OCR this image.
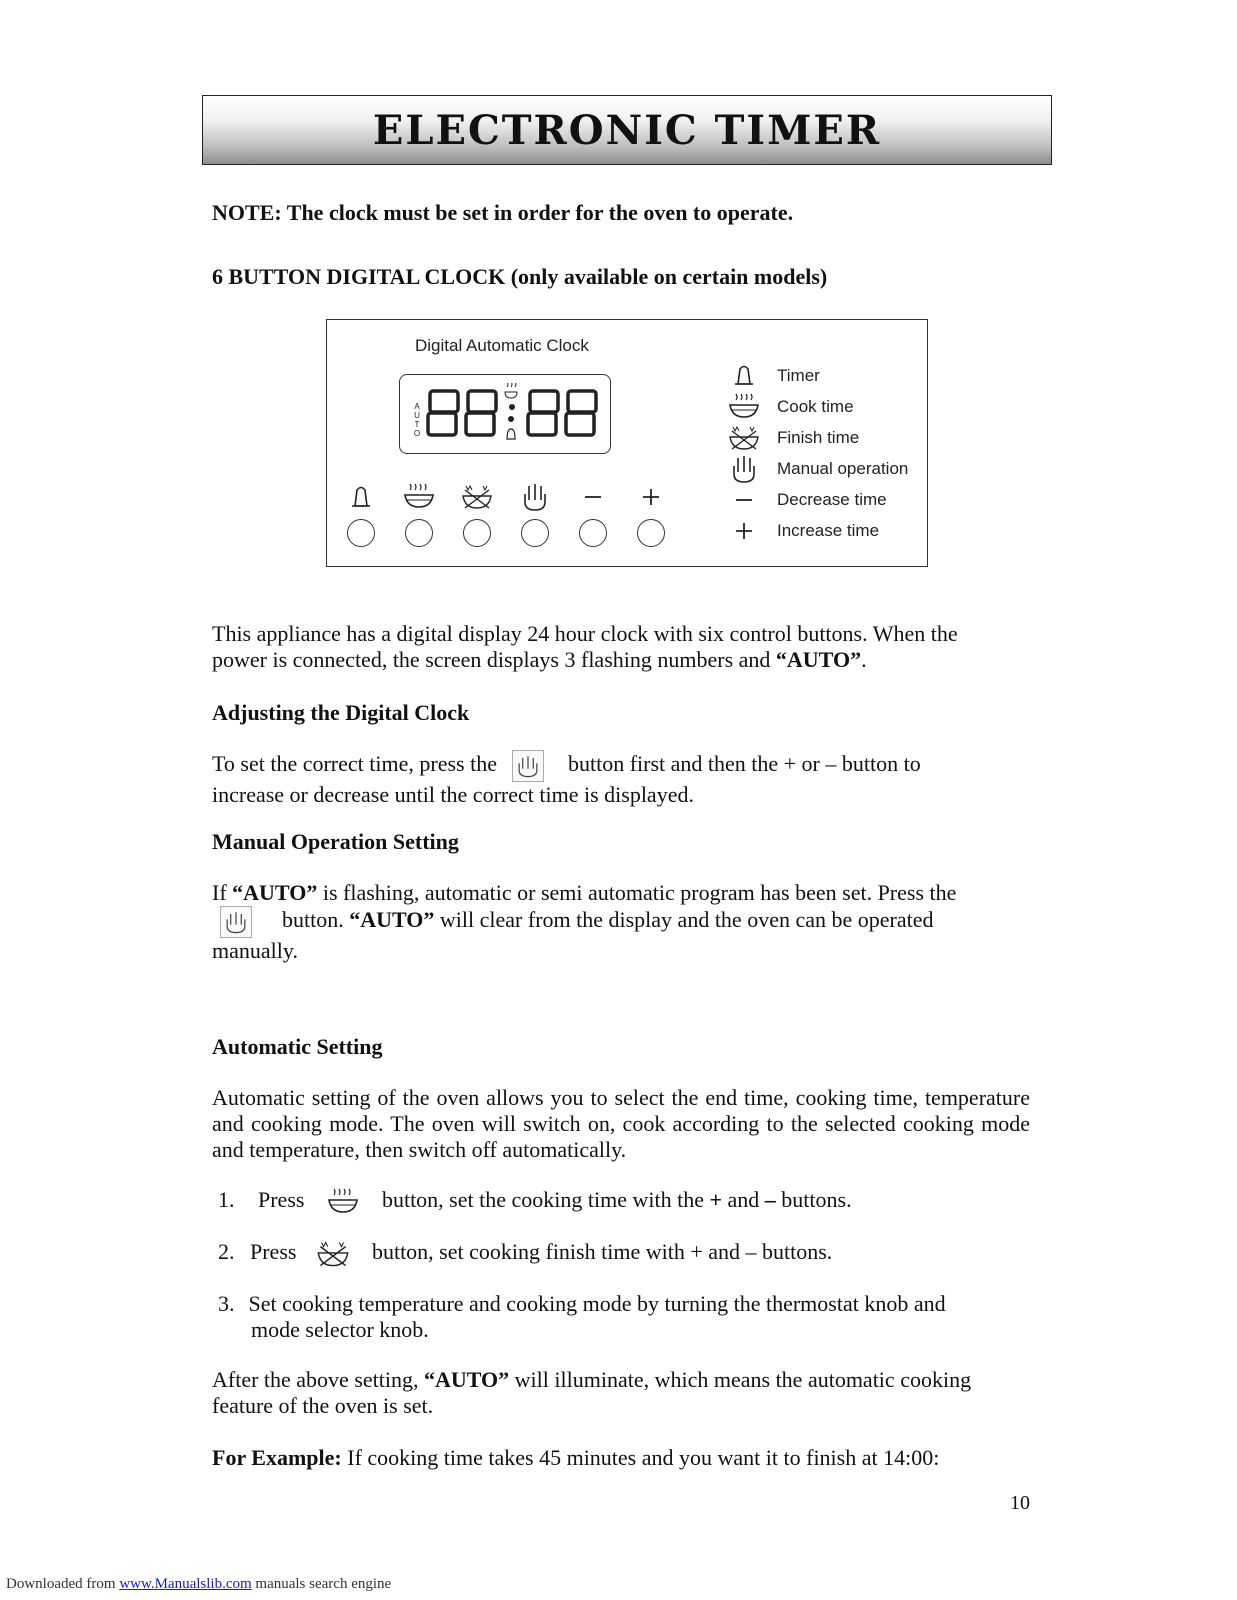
ELECTRONIC TIMER
NOTE: The clock must be set in order for the oven to operate.
6 BUTTON DIGITAL CLOCK (only available on certain models)
Digital Automatic Clock
A
U
T
O
Timer
Cook time
Finish time
Manual operation
Decrease time
Increase time
This appliance has a digital display 24 hour clock with six control buttons. When the
power is connected, the screen displays 3 flashing numbers and “AUTO”.
Adjusting the Digital Clock
To set the correct time, press the	button first and then the + or – button to
increase or decrease until the correct time is displayed.
Manual Operation Setting
If “AUTO” is flashing, automatic or semi automatic program has been set. Press the
button. “AUTO” will clear from the display and the oven can be operated
manually.
Automatic Setting
Automatic setting of the oven allows you to select the end time, cooking time, temperature and cooking mode. The oven will switch on, cook according to the selected cooking mode and temperature, then switch off automatically.
1. Press	button, set the cooking time with the + and – buttons.
2. Press	button, set cooking finish time with + and – buttons.
3. Set cooking temperature and cooking mode by turning the thermostat knob and
mode selector knob.
After the above setting, “AUTO” will illuminate, which means the automatic cooking
feature of the oven is set.
For Example: If cooking time takes 45 minutes and you want it to finish at 14:00:
10
Downloaded from www.Manualslib.com manuals search engine
